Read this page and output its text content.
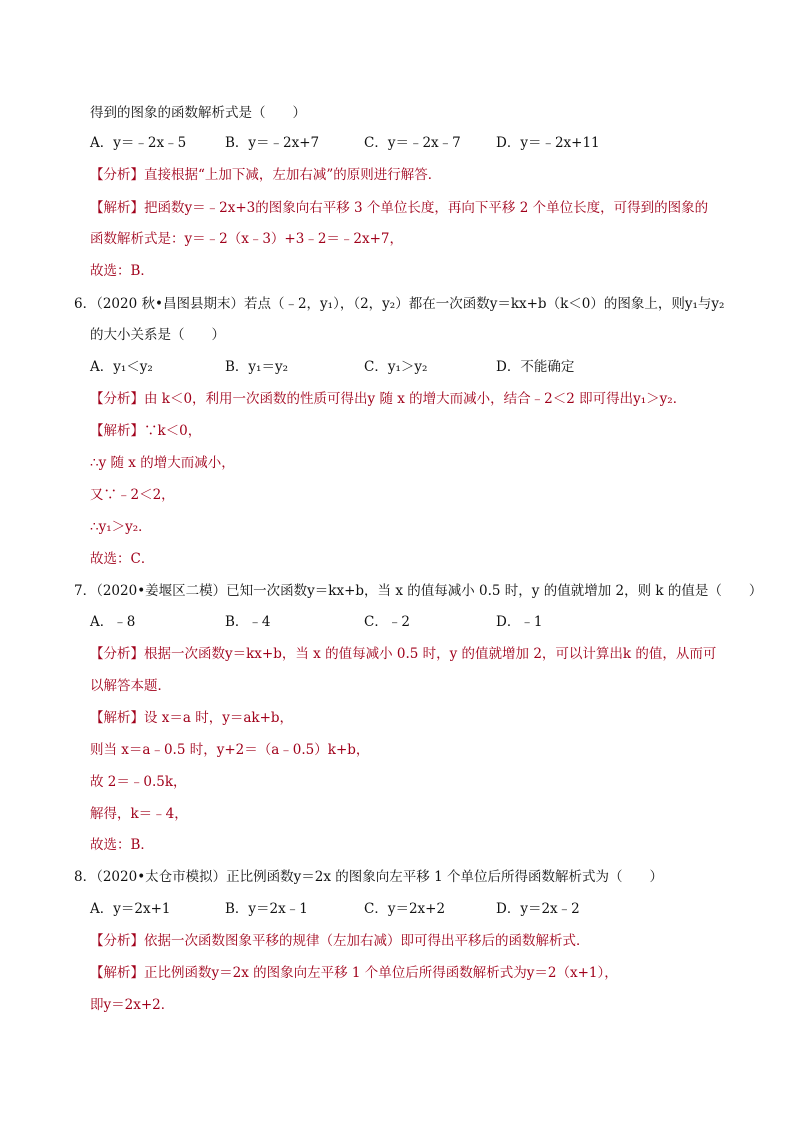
得到的图象的函数解析式是（　　）
A．y＝﹣2x﹣5	B．y＝﹣2x+7	C．y＝﹣2x﹣7	D．y＝﹣2x+11
【分析】直接根据“上加下减，左加右减”的原则进行解答．
【解析】把函数y＝﹣2x+3的图象向右平移 3 个单位长度，再向下平移 2 个单位长度，可得到的图象的
函数解析式是：y＝﹣2（x﹣3）+3﹣2＝﹣2x+7，
故选：B．
6．（2020 秋•昌图县期末）若点（﹣2，y₁），（2，y₂）都在一次函数y＝kx+b（k＜0）的图象上，则y₁与y₂
的大小关系是（　　）
A．y₁＜y₂	B．y₁＝y₂	C．y₁＞y₂	D．不能确定
【分析】由 k＜0，利用一次函数的性质可得出y 随 x 的增大而减小，结合﹣2＜2 即可得出y₁＞y₂．
【解析】∵k＜0，
∴y 随 x 的增大而减小，
又∵﹣2＜2，
∴y₁＞y₂．
故选：C．
7．（2020•姜堰区二模）已知一次函数y＝kx+b，当 x 的值每减小 0.5 时，y 的值就增加 2，则 k 的值是（　　）
A．﹣8	B．﹣4	C．﹣2	D．﹣1
【分析】根据一次函数y＝kx+b，当 x 的值每减小 0.5 时，y 的值就增加 2，可以计算出k 的值，从而可
以解答本题．
【解析】设 x＝a 时，y＝ak+b，
则当 x＝a﹣0.5 时，y+2＝（a﹣0.5）k+b，
故 2＝﹣0.5k，
解得，k＝﹣4，
故选：B．
8．（2020•太仓市模拟）正比例函数y＝2x 的图象向左平移 1 个单位后所得函数解析式为（　　）
A．y＝2x+1	B．y＝2x﹣1	C．y＝2x+2	D．y＝2x﹣2
【分析】依据一次函数图象平移的规律（左加右减）即可得出平移后的函数解析式．
【解析】正比例函数y＝2x 的图象向左平移 1 个单位后所得函数解析式为y＝2（x+1），
即y＝2x+2．
